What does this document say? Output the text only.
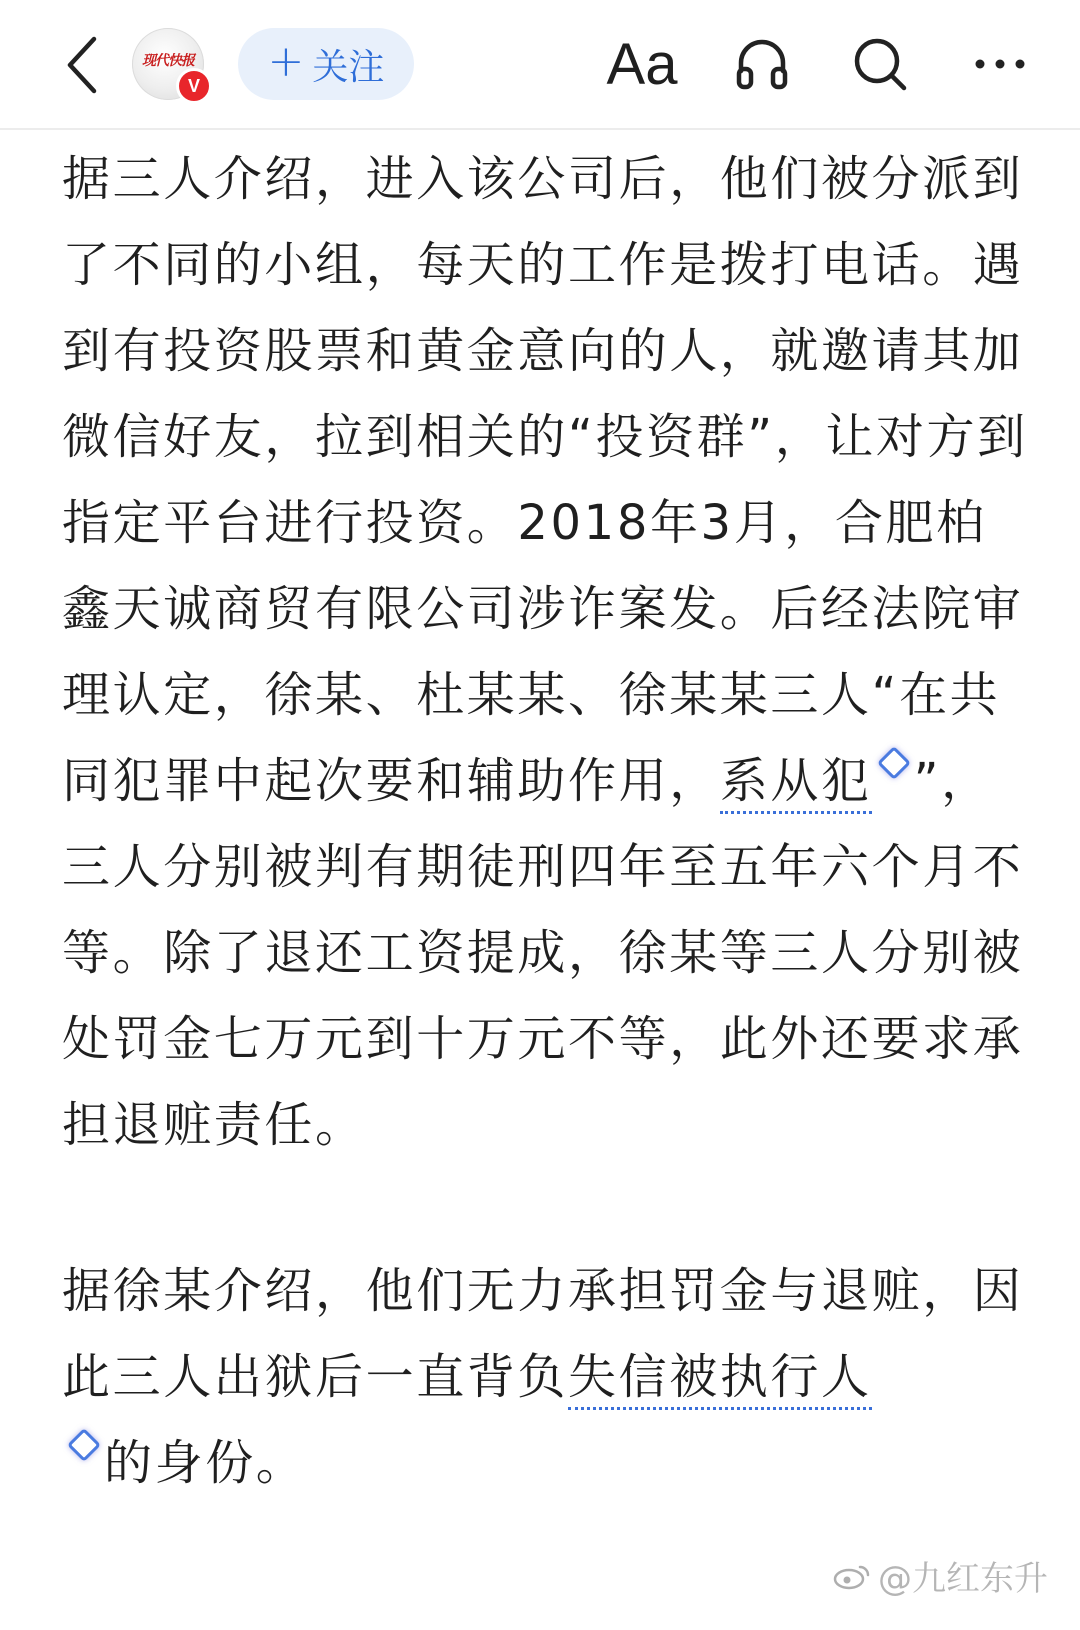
现代快报
V + 关注	Aa

据三人介绍，进入该公司后，他们被分派到了不同的小组，每天的工作是拨打电话。遇到有投资股票和黄金意向的人，就邀请其加微信好友，拉到相关的“投资群”，让对方到指定平台进行投资。2018年3月，合肥柏鑫天诚商贸有限公司涉诈案发。后经法院审理认定，徐某、杜某某、徐某某三人“在共同犯罪中起次要和辅助作用，系从犯 ”，三人分别被判有期徒刑四年至五年六个月不等。除了退还工资提成，徐某等三人分别被处罚金七万元到十万元不等，此外还要求承担退赃责任。

据徐某介绍，他们无力承担罚金与退赃，因此三人出狱后一直背负失信被执行人
的身份。

@九红东升
